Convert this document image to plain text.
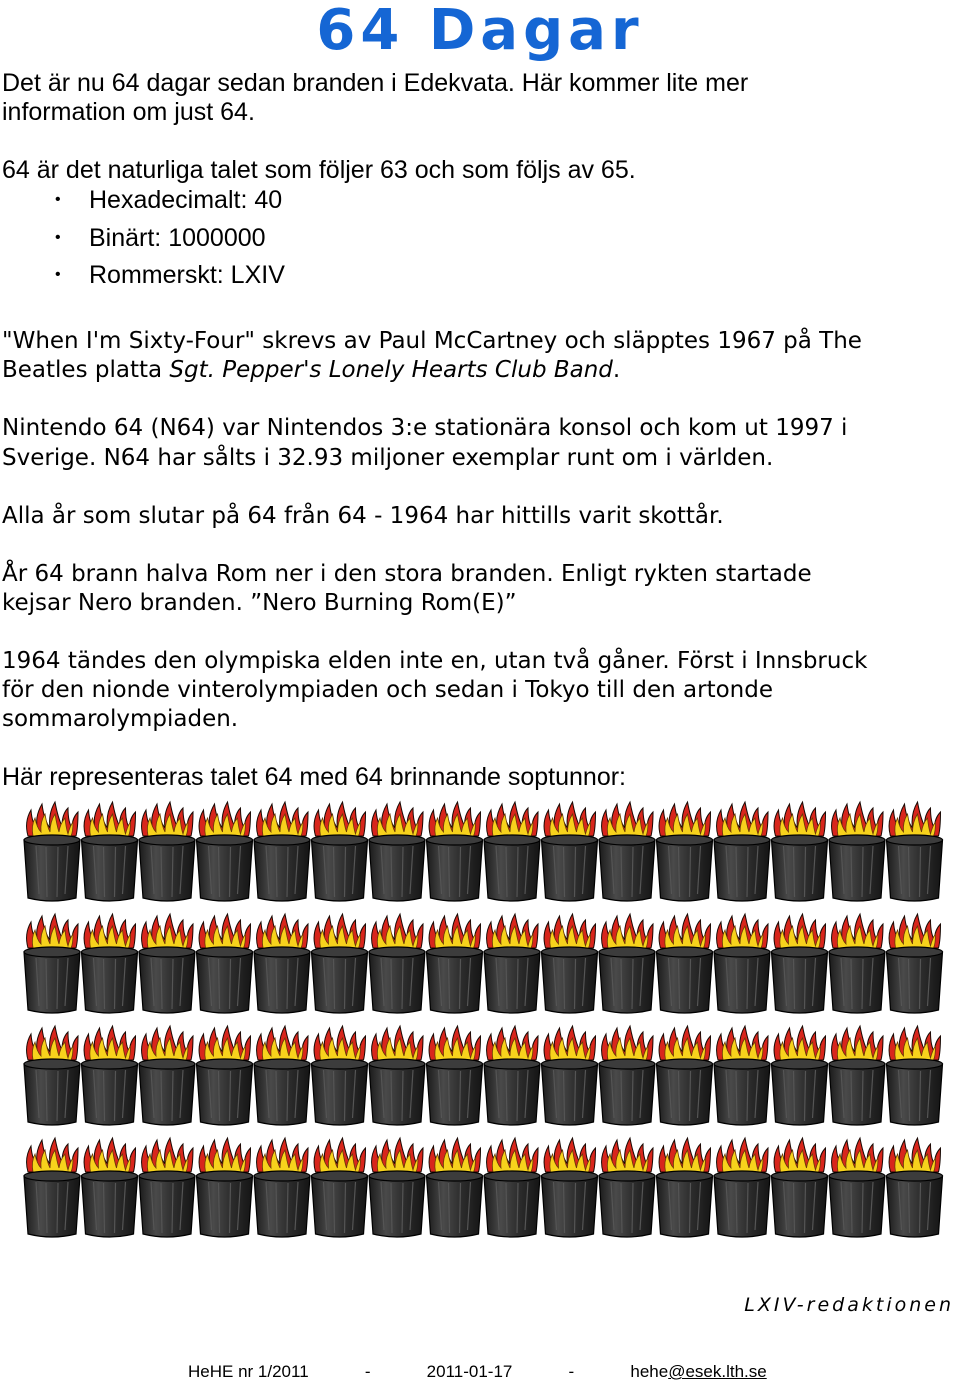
64 Dagar

Det är nu 64 dagar sedan branden i Edekvata. Här kommer lite mer

information om just 64.

64 är det naturliga talet som följer 63 och som följs av 65.

• Hexadecimalt: 40
• Binärt: 1000000
• Rommerskt: LXIV

"When I'm Sixty-Four" skrevs av Paul McCartney och släpptes 1967 på The

Beatles platta Sgt. Pepper's Lonely Hearts Club Band.

Nintendo 64 (N64) var Nintendos 3:e stationära konsol och kom ut 1997 i

Sverige. N64 har sålts i 32.93 miljoner exemplar runt om i världen.

Alla år som slutar på 64 från 64 - 1964 har hittills varit skottår.

År 64 brann halva Rom ner i den stora branden. Enligt rykten startade

kejsar Nero branden. ”Nero Burning Rom(E)”

1964 tändes den olympiska elden inte en, utan två gåner. Först i Innsbruck

för den nionde vinterolympiaden och sedan i Tokyo till den artonde

sommarolympiaden.

Här representeras talet 64 med 64 brinnande soptunnor:

LXIV-redaktionen

HeHE nr 1/2011	-	2011-01-17	-	hehe@esek.lth.se
